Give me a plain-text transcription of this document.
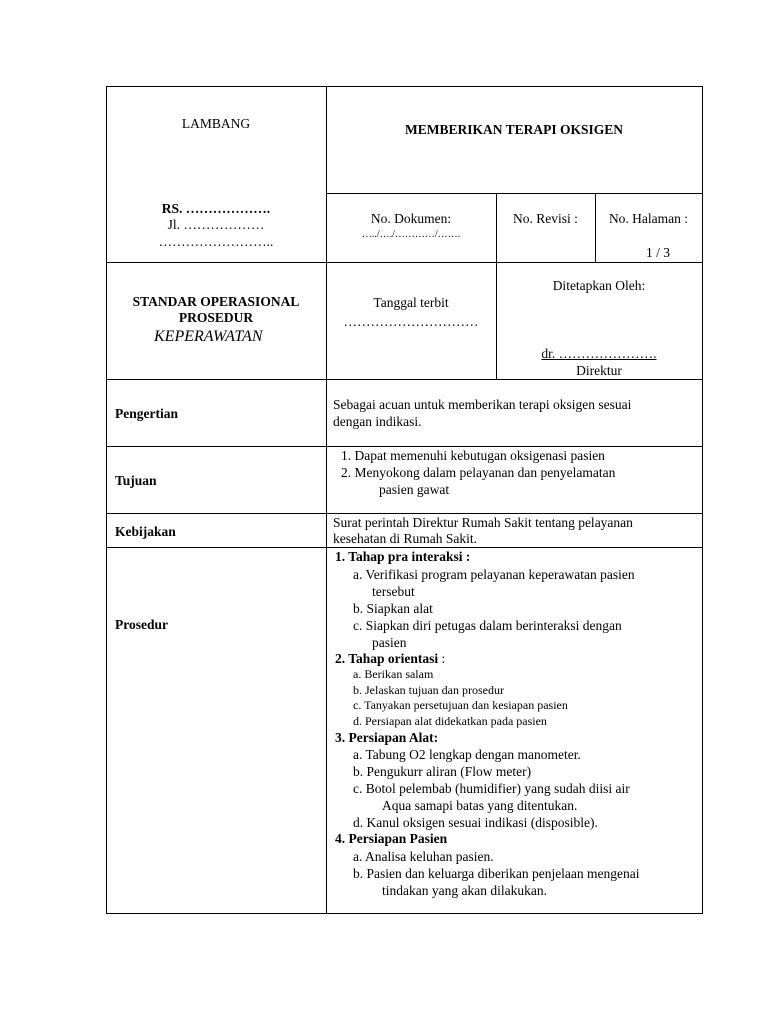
LAMBANG	MEMBERIKAN TERAPI OKSIGEN
RS. ……………….
Jl. ………………
……………………..
No. Dokumen:
…../…./…………/…….
No. Revisi :	No. Halaman :
1 / 3
STANDAR OPERASIONAL
PROSEDUR
KEPERAWATAN
Tanggal terbit
…………………………
Ditetapkan Oleh:
dr. ………………….
Direktur
Pengertian
Sebagai acuan untuk memberikan terapi oksigen sesuai
dengan indikasi.
Tujuan
1. Dapat memenuhi kebutugan oksigenasi pasien
2. Menyokong dalam pelayanan dan penyelamatan
pasien gawat
Kebijakan
Surat perintah Direktur Rumah Sakit tentang pelayanan
kesehatan di Rumah Sakit.
Prosedur
1. Tahap pra interaksi :
a. Verifikasi program pelayanan keperawatan pasien
tersebut
b. Siapkan alat
c. Siapkan diri petugas dalam berinteraksi dengan
pasien
2. Tahap orientasi :
a. Berikan salam
b. Jelaskan tujuan dan prosedur
c. Tanyakan persetujuan dan kesiapan pasien
d. Persiapan alat didekatkan pada pasien
3. Persiapan Alat:
a. Tabung O2 lengkap dengan manometer.
b. Pengukurr aliran (Flow meter)
c. Botol pelembab (humidifier) yang sudah diisi air
Aqua samapi batas yang ditentukan.
d. Kanul oksigen sesuai indikasi (disposible).
4. Persiapan Pasien
a. Analisa keluhan pasien.
b. Pasien dan keluarga diberikan penjelaan mengenai
tindakan yang akan dilakukan.
